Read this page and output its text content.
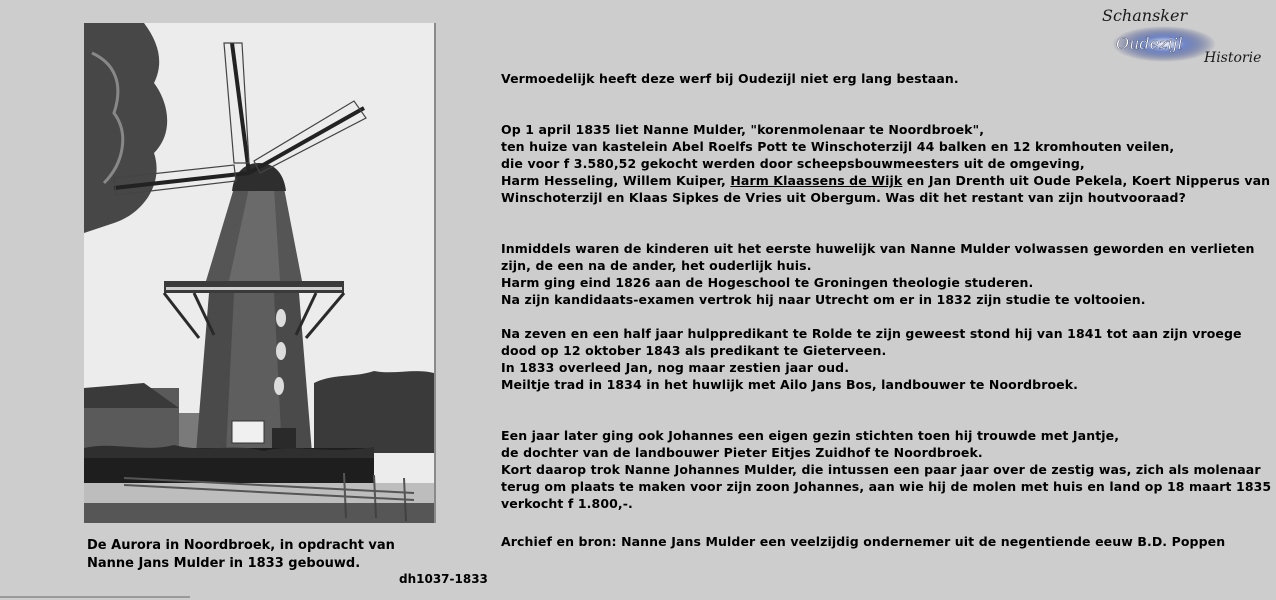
Schansker
Oudezijl
Historie
De Aurora in Noordbroek, in opdracht van
Nanne Jans Mulder in 1833 gebouwd.
dh1037-1833
Vermoedelijk heeft deze werf bij Oudezijl niet erg lang bestaan.
Op 1 april 1835 liet Nanne Mulder, "korenmolenaar te Noordbroek",
ten huize van kastelein Abel Roelfs Pott te Winschoterzijl 44 balken en 12 kromhouten veilen,
die voor f 3.580,52 gekocht werden door scheepsbouwmeesters uit de omgeving,
Harm Hesseling, Willem Kuiper, Harm Klaassens de Wijk en Jan Drenth uit Oude Pekela, Koert Nipperus van
Winschoterzijl en Klaas Sipkes de Vries uit Obergum. Was dit het restant van zijn houtvooraad?
Inmiddels waren de kinderen uit het eerste huwelijk van Nanne Mulder volwassen geworden en verlieten
zijn, de een na de ander, het ouderlijk huis.
Harm ging eind 1826 aan de Hogeschool te Groningen theologie studeren.
Na zijn kandidaats-examen vertrok hij naar Utrecht om er in 1832 zijn studie te voltooien.
Na zeven en een half jaar hulppredikant te Rolde te zijn geweest stond hij van 1841 tot aan zijn vroege
dood op 12 oktober 1843 als predikant te Gieterveen.
In 1833 overleed Jan, nog maar zestien jaar oud.
Meiltje trad in 1834 in het huwlijk met Ailo Jans Bos, landbouwer te Noordbroek.
Een jaar later ging ook Johannes een eigen gezin stichten toen hij trouwde met Jantje,
de dochter van de landbouwer Pieter Eitjes Zuidhof te Noordbroek.
Kort daarop trok Nanne Johannes Mulder, die intussen een paar jaar over de zestig was, zich als molenaar
terug om plaats te maken voor zijn zoon Johannes, aan wie hij de molen met huis en land op 18 maart 1835
verkocht f 1.800,-.
Archief en bron: Nanne Jans Mulder een veelzijdig ondernemer uit de negentiende eeuw B.D. Poppen
